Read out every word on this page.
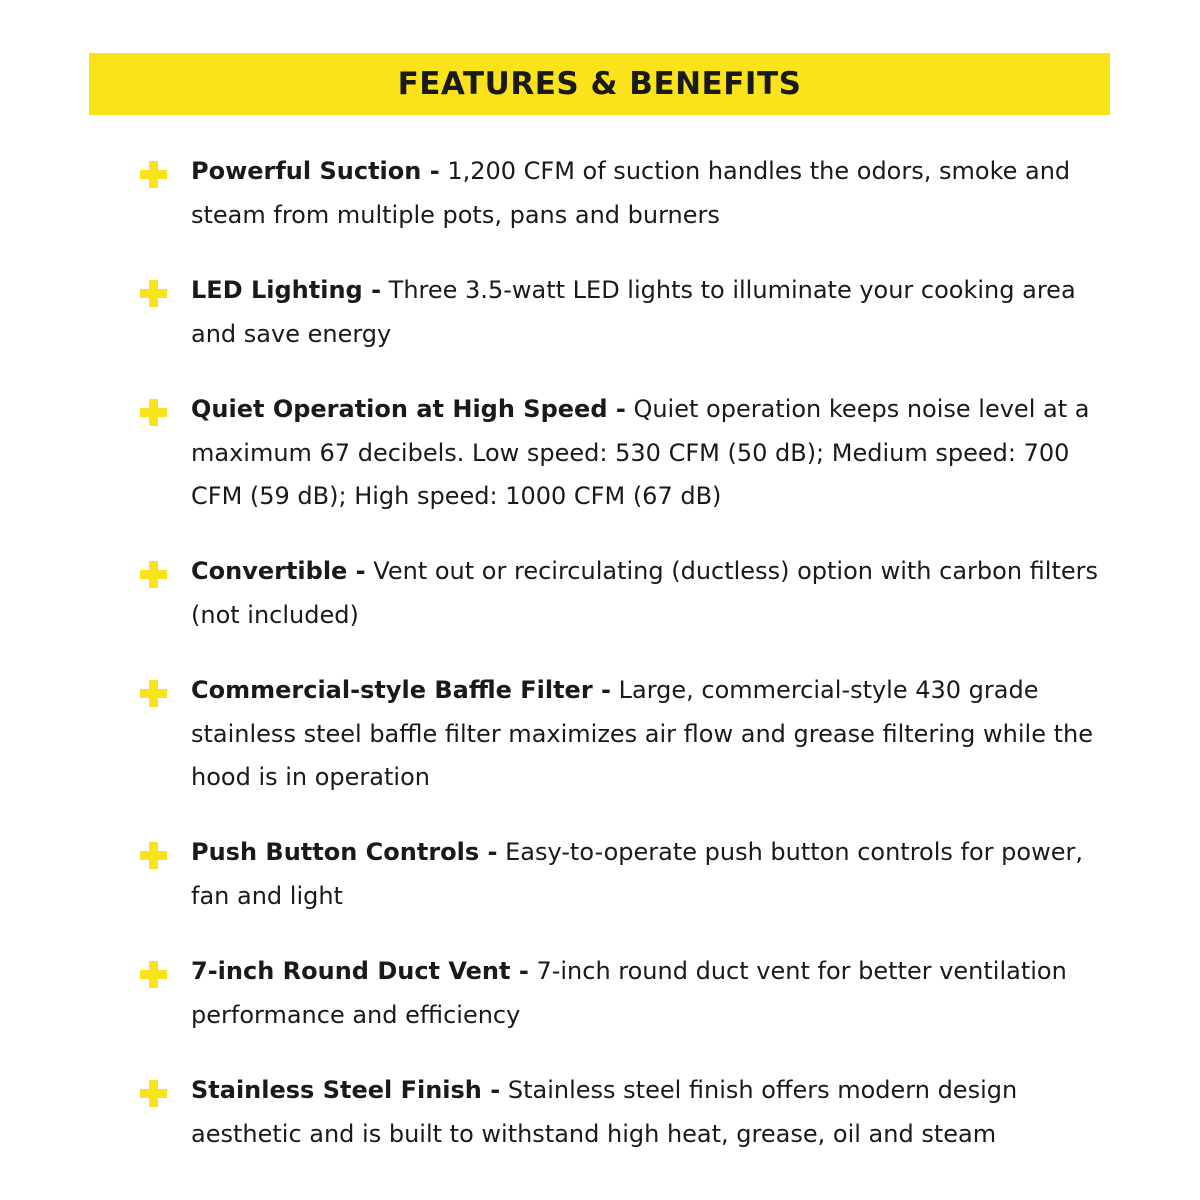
FEATURES & BENEFITS
Powerful Suction - 1,200 CFM of suction handles the odors, smoke and steam from multiple pots, pans and burners
LED Lighting - Three 3.5-watt LED lights to illuminate your cooking area and save energy
Quiet Operation at High Speed - Quiet operation keeps noise level at a maximum 67 decibels. Low speed: 530 CFM (50 dB); Medium speed: 700 CFM (59 dB); High speed: 1000 CFM (67 dB)
Convertible - Vent out or recirculating (ductless) option with carbon filters (not included)
Commercial-style Baffle Filter - Large, commercial-style 430 grade stainless steel baffle filter maximizes air flow and grease filtering while the hood is in operation
Push Button Controls - Easy-to-operate push button controls for power, fan and light
7-inch Round Duct Vent - 7-inch round duct vent for better ventilation performance and efficiency
Stainless Steel Finish - Stainless steel finish offers modern design aesthetic and is built to withstand high heat, grease, oil and steam
